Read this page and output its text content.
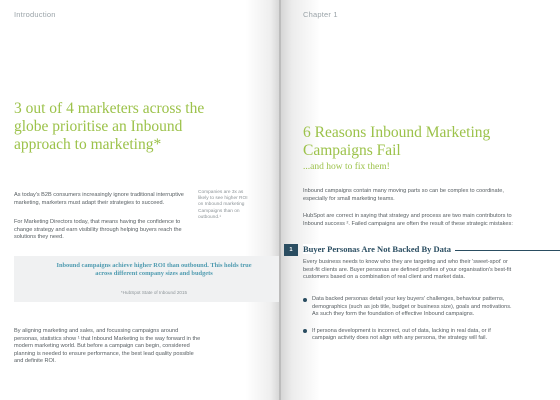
Introduction
3 out of 4 marketers across the globe prioritise an Inbound approach to marketing*

As today's B2B consumers increasingly ignore traditional interruptive marketing, marketers must adapt their strategies to succeed.

For Marketing Directors today, that means having the confidence to change strategy and earn visibility through helping buyers reach the solutions they need.

Companies are 3x as likely to see higher ROI on Inbound marketing Campaigns than on outbound.¹
Inbound campaigns achieve higher ROI than outbound. This holds true across different company sizes and budgets
*HubSpot State of Inbound 2015

By aligning marketing and sales, and focussing campaigns around personas, statistics show ¹ that Inbound Marketing is the way forward in the modern marketing world. But before a campaign can begin, considered planning is needed to ensure performance, the best lead quality possible and definite ROI.

Chapter 1
6 Reasons Inbound Marketing Campaigns Fail
...and how to fix them!

Inbound campaigns contain many moving parts so can be complex to coordinate, especially for small marketing teams.

HubSpot are correct in saying that strategy and process are two main contributors to Inbound success ². Failed campaigns are often the result of these strategic mistakes:

1	Buyer Personas Are Not Backed By Data

Every business needs to know who they are targeting and who their 'sweet-spot' or best-fit clients are. Buyer personas are defined profiles of your organisation's best-fit customers based on a combination of real client and market data.

Data backed personas detail your key buyers' challenges, behaviour patterns, demographics (such as job title, budget or business size), goals and motivations. As such they form the foundation of effective Inbound campaigns.
If persona development is incorrect, out of data, lacking in real data, or if campaign activity does not align with any persona, the strategy will fail.
